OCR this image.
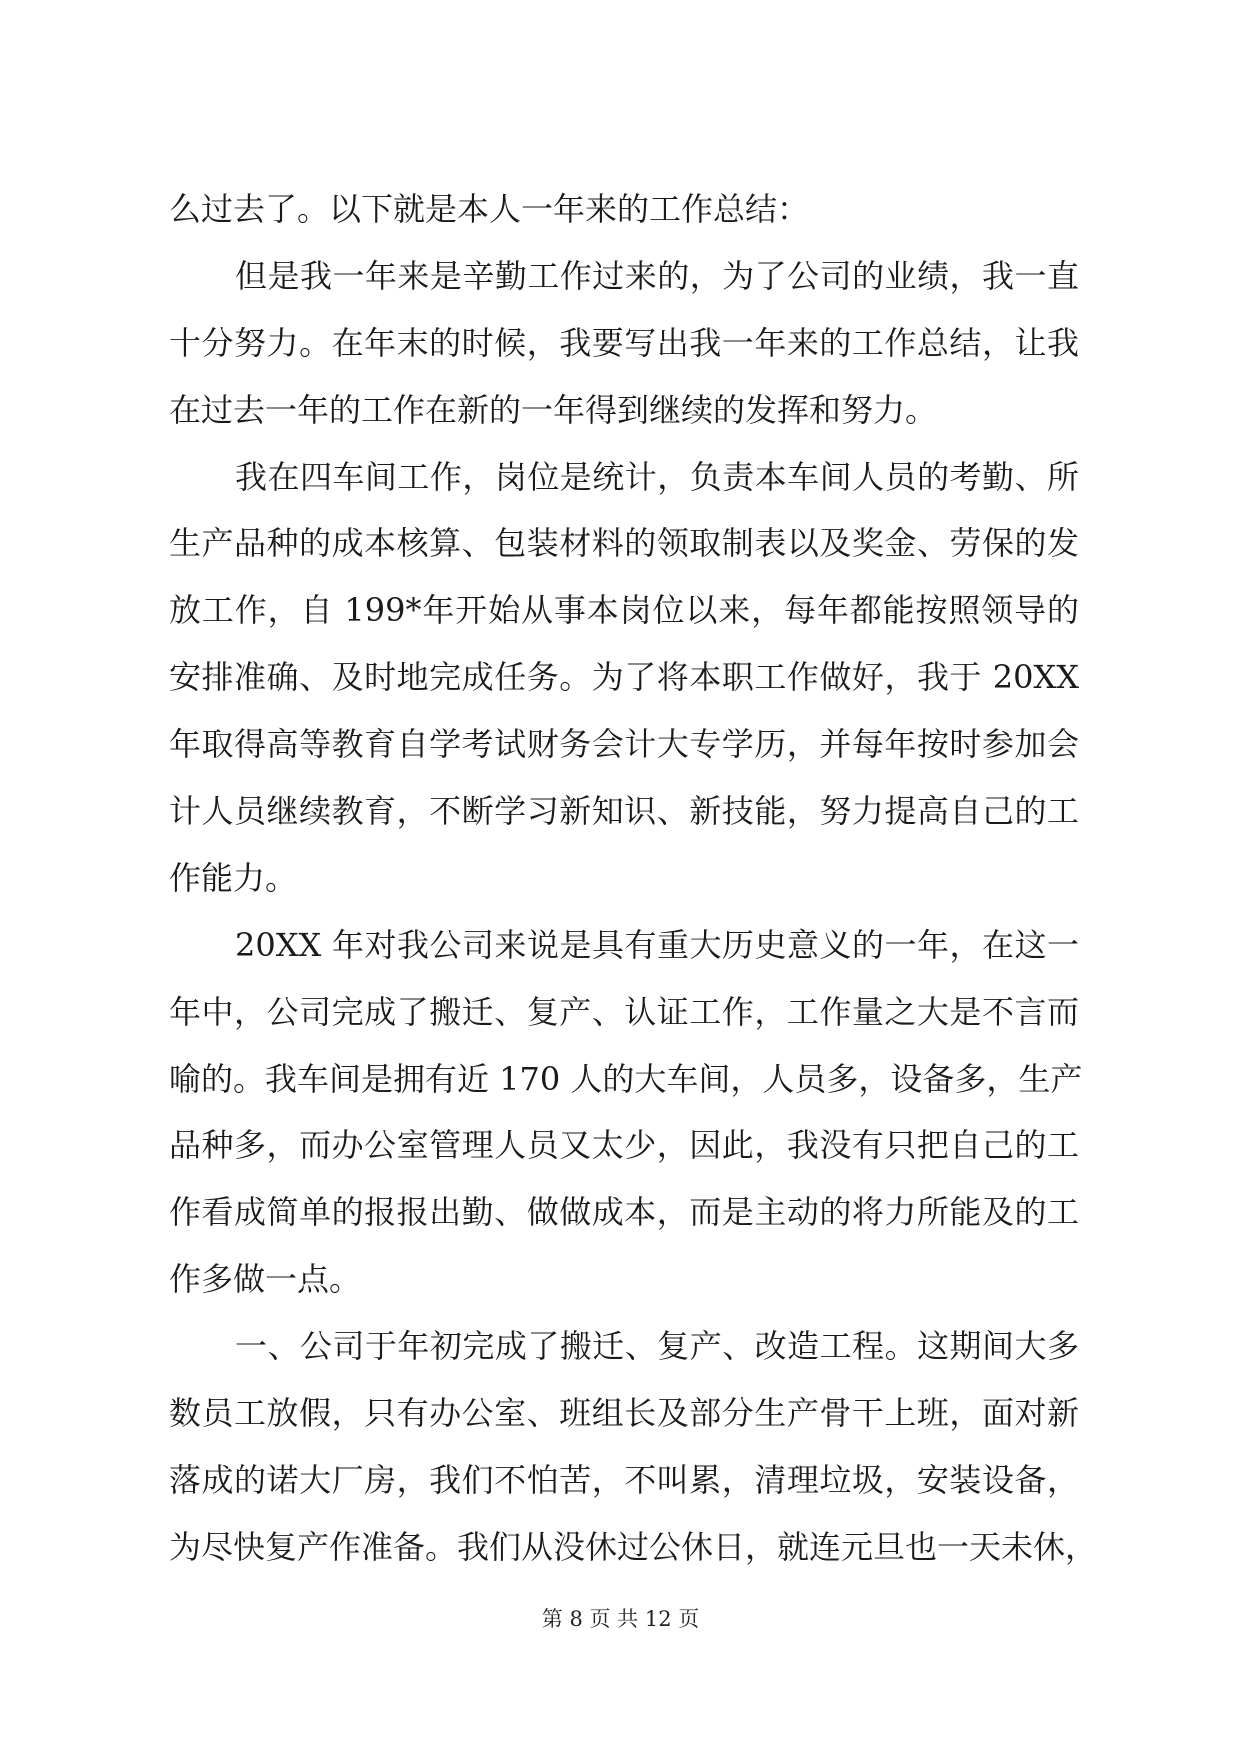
么过去了。以下就是本人一年来的工作总结：
但是我一年来是辛勤工作过来的，为了公司的业绩，我一直
十分努力。在年末的时候，我要写出我一年来的工作总结，让我
在过去一年的工作在新的一年得到继续的发挥和努力。
我在四车间工作，岗位是统计，负责本车间人员的考勤、所
生产品种的成本核算、包装材料的领取制表以及奖金、劳保的发
放工作，自 199*年开始从事本岗位以来，每年都能按照领导的
安排准确、及时地完成任务。为了将本职工作做好，我于 20XX
年取得高等教育自学考试财务会计大专学历，并每年按时参加会
计人员继续教育，不断学习新知识、新技能，努力提高自己的工
作能力。
20XX 年对我公司来说是具有重大历史意义的一年，在这一
年中，公司完成了搬迁、复产、认证工作，工作量之大是不言而
喻的。我车间是拥有近 170 人的大车间，人员多，设备多，生产
品种多，而办公室管理人员又太少，因此，我没有只把自己的工
作看成简单的报报出勤、做做成本，而是主动的将力所能及的工
作多做一点。
一、公司于年初完成了搬迁、复产、改造工程。这期间大多
数员工放假，只有办公室、班组长及部分生产骨干上班，面对新
落成的诺大厂房，我们不怕苦，不叫累，清理垃圾，安装设备，
为尽快复产作准备。我们从没休过公休日，就连元旦也一天未休，
第 8 页 共 12 页
